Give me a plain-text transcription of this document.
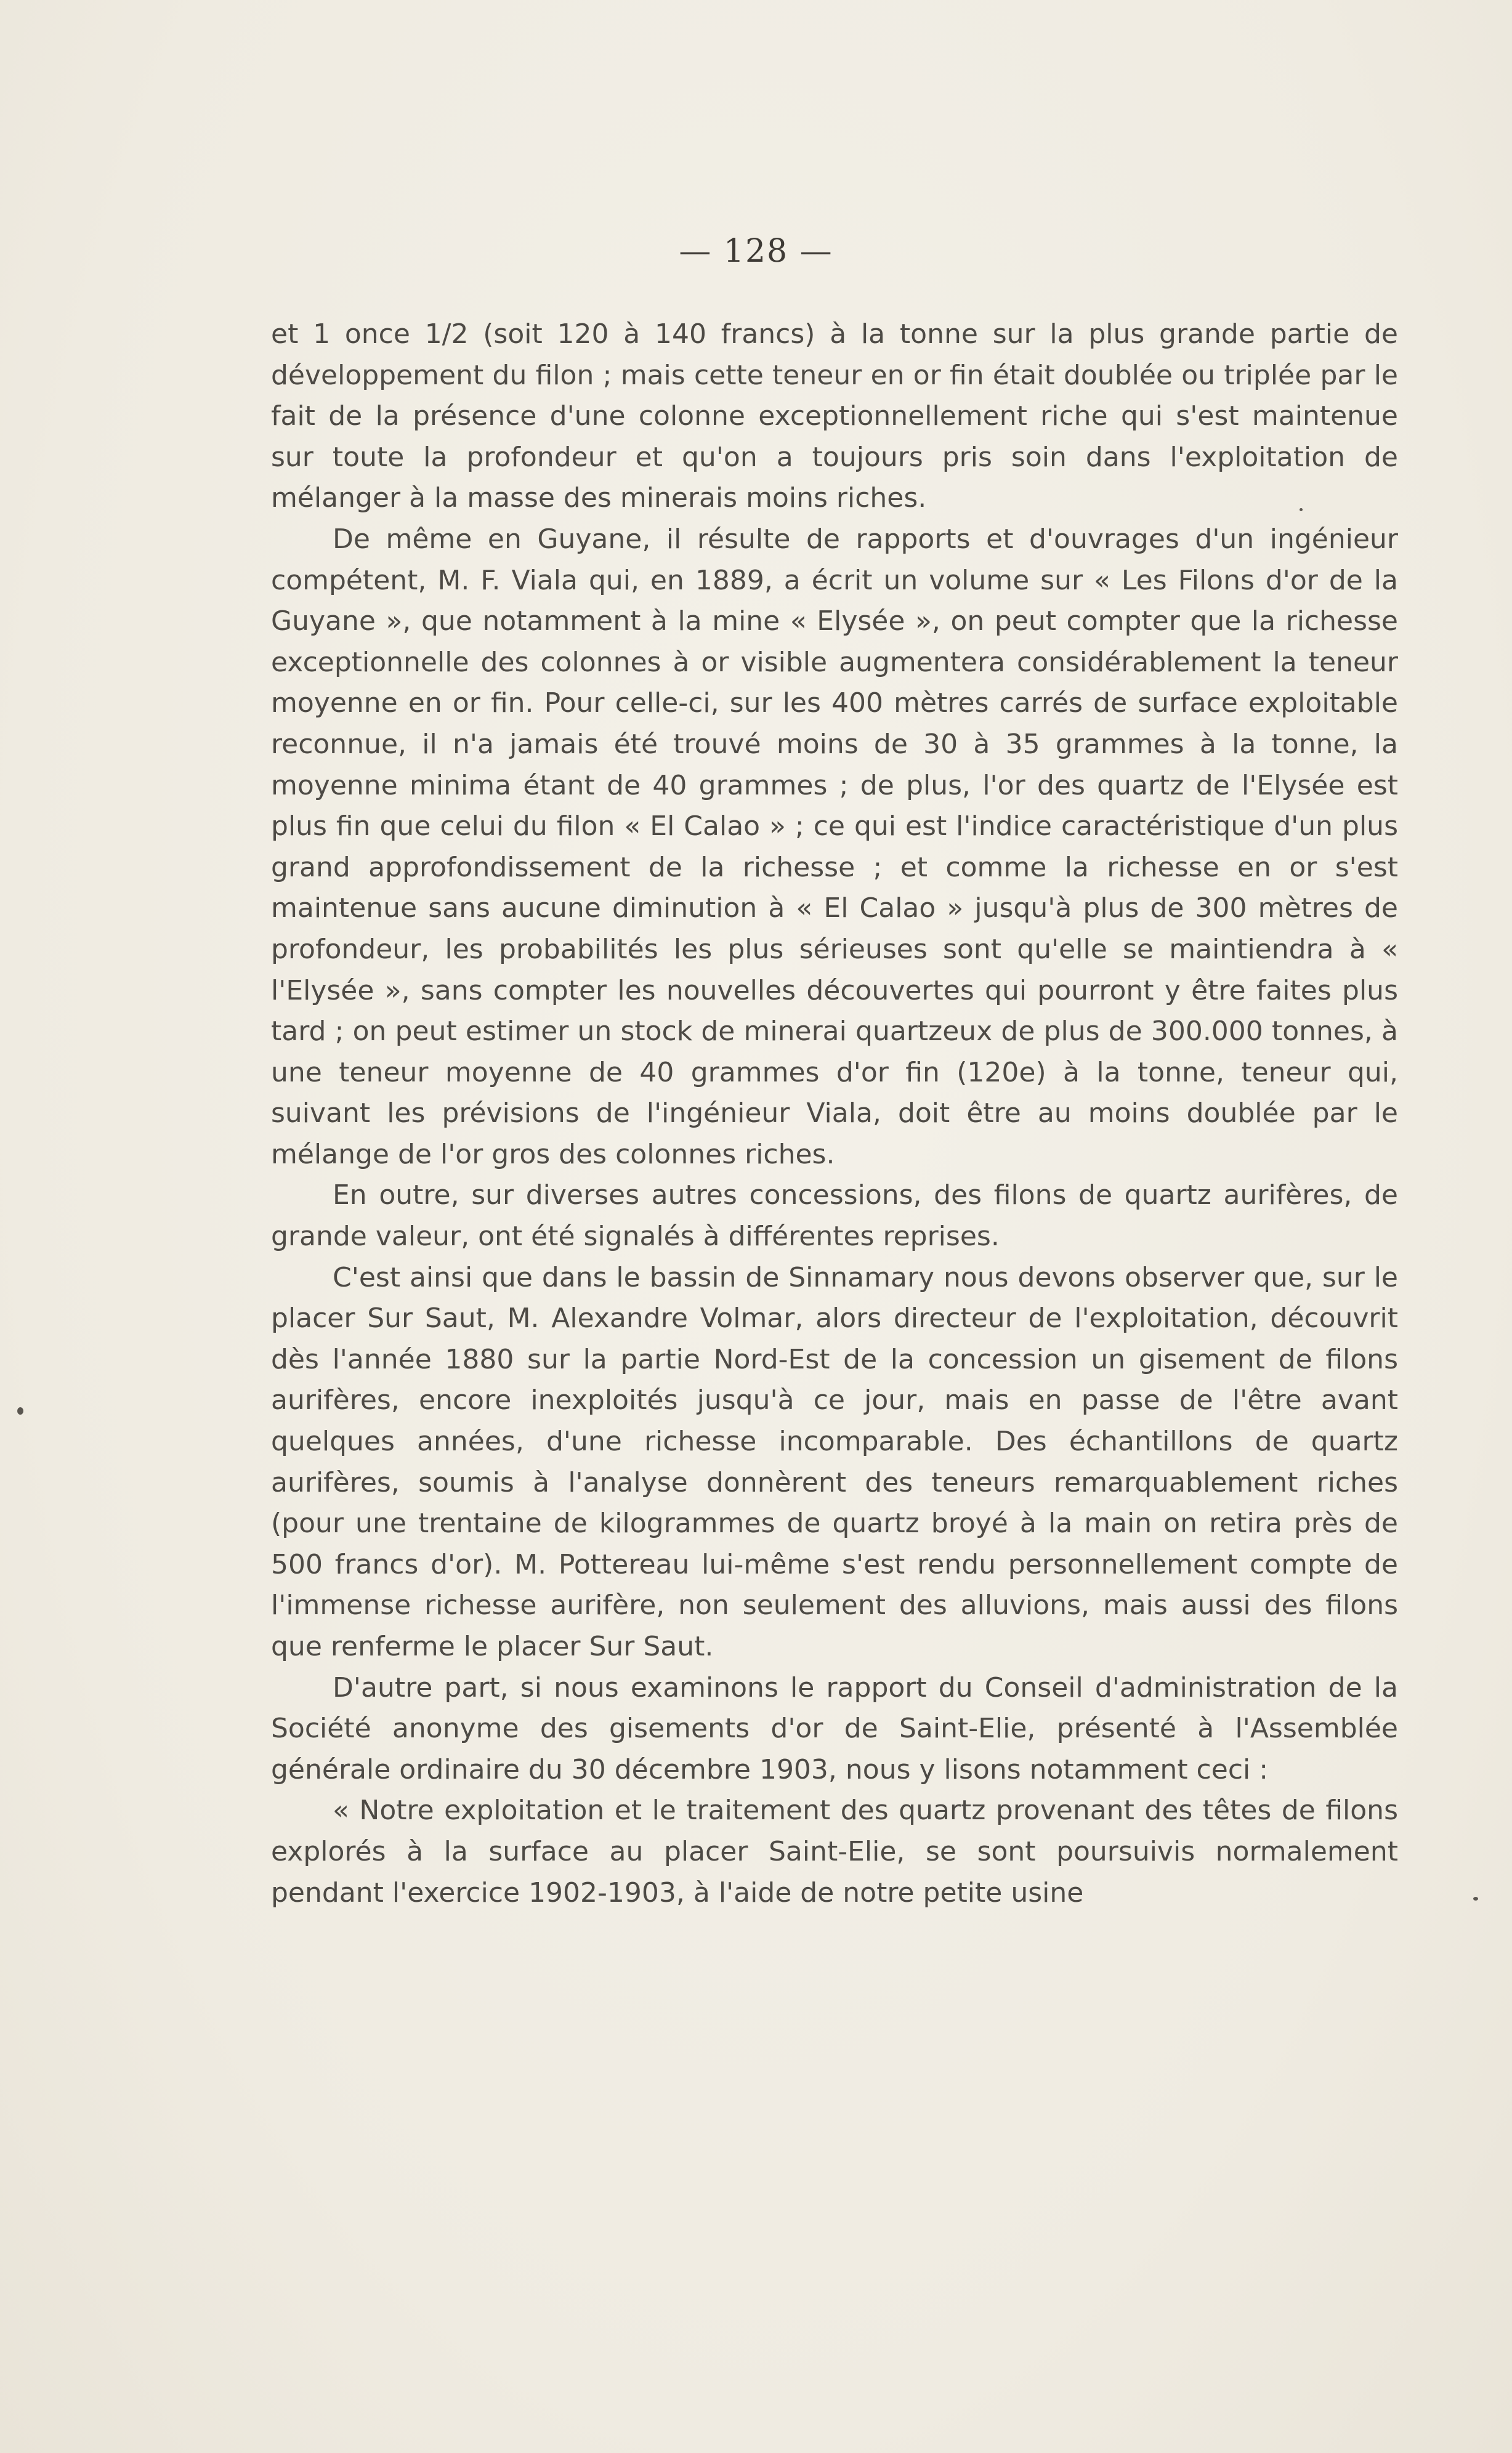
— 128 —

et 1 once 1/2 (soit 120 à 140 francs) à la tonne sur la plus grande partie de développement du filon ; mais cette teneur en or fin était doublée ou triplée par le fait de la présence d'une colonne exceptionnellement riche qui s'est maintenue sur toute la profondeur et qu'on a toujours pris soin dans l'exploitation de mélanger à la masse des minerais moins riches.

De même en Guyane, il résulte de rapports et d'ouvrages d'un ingénieur compétent, M. F. Viala qui, en 1889, a écrit un volume sur « Les Filons d'or de la Guyane », que notamment à la mine « Elysée », on peut compter que la richesse exceptionnelle des colonnes à or visible augmentera considérablement la teneur moyenne en or fin. Pour celle-ci, sur les 400 mètres carrés de surface exploitable reconnue, il n'a jamais été trouvé moins de 30 à 35 grammes à la tonne, la moyenne minima étant de 40 grammes ; de plus, l'or des quartz de l'Elysée est plus fin que celui du filon « El Calao » ; ce qui est l'indice caractéristique d'un plus grand approfondissement de la richesse ; et comme la richesse en or s'est maintenue sans aucune diminution à « El Calao » jusqu'à plus de 300 mètres de profondeur, les probabilités les plus sérieuses sont qu'elle se maintiendra à « l'Elysée », sans compter les nouvelles découvertes qui pourront y être faites plus tard ; on peut estimer un stock de minerai quartzeux de plus de 300.000 tonnes, à une teneur moyenne de 40 grammes d'or fin (120e) à la tonne, teneur qui, suivant les prévisions de l'ingénieur Viala, doit être au moins doublée par le mélange de l'or gros des colonnes riches.

En outre, sur diverses autres concessions, des filons de quartz aurifères, de grande valeur, ont été signalés à différentes reprises.

C'est ainsi que dans le bassin de Sinnamary nous devons observer que, sur le placer Sur Saut, M. Alexandre Volmar, alors directeur de l'exploitation, découvrit dès l'année 1880 sur la partie Nord-Est de la concession un gisement de filons aurifères, encore inexploités jusqu'à ce jour, mais en passe de l'être avant quelques années, d'une richesse incomparable. Des échantillons de quartz aurifères, soumis à l'analyse donnèrent des teneurs remarquablement riches (pour une trentaine de kilogrammes de quartz broyé à la main on retira près de 500 francs d'or). M. Pottereau lui-même s'est rendu personnellement compte de l'immense richesse aurifère, non seulement des alluvions, mais aussi des filons que renferme le placer Sur Saut.

D'autre part, si nous examinons le rapport du Conseil d'administration de la Société anonyme des gisements d'or de Saint-Elie, présenté à l'Assemblée générale ordinaire du 30 décembre 1903, nous y lisons notamment ceci :

« Notre exploitation et le traitement des quartz provenant des têtes de filons explorés à la surface au placer Saint-Elie, se sont poursuivis normalement pendant l'exercice 1902-1903, à l'aide de notre petite usine
